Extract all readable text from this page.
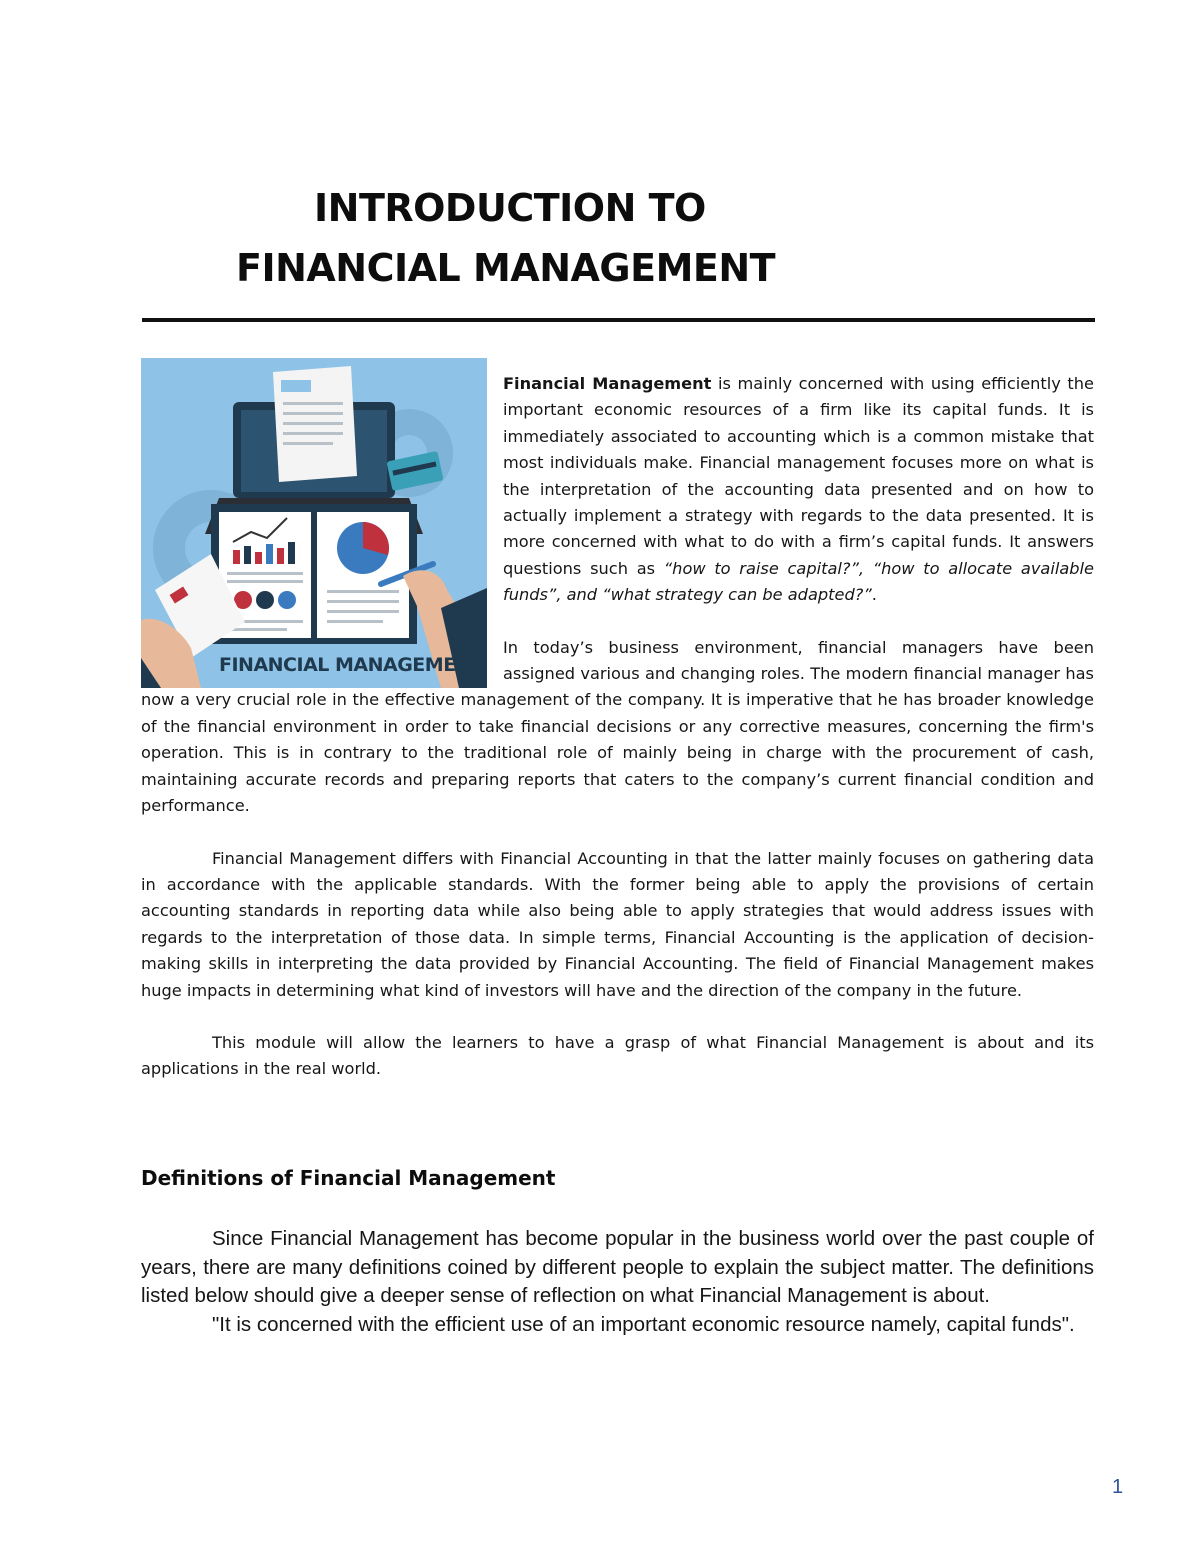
INTRODUCTION TO
FINANCIAL MANAGEMENT
FINANCIAL MANAGEMENT

Financial Management is mainly concerned with using efficiently the important economic resources of a firm like its capital funds. It is immediately associated to accounting which is a common mistake that most individuals make. Financial management focuses more on what is the interpretation of the accounting data presented and on how to actually implement a strategy with regards to the data presented. It is more concerned with what to do with a firm’s capital funds. It answers questions such as “how to raise capital?”, “how to allocate available funds”, and “what strategy can be adapted?”.

In today’s business environment, financial managers have been assigned various and changing roles. The modern financial manager has now a very crucial role in the effective management of the company. It is imperative that he has broader knowledge of the financial environment in order to take financial decisions or any corrective measures, concerning the firm's operation. This is in contrary to the traditional role of mainly being in charge with the procurement of cash, maintaining accurate records and preparing reports that caters to the company’s current financial condition and performance.

Financial Management differs with Financial Accounting in that the latter mainly focuses on gathering data in accordance with the applicable standards. With the former being able to apply the provisions of certain accounting standards in reporting data while also being able to apply strategies that would address issues with regards to the interpretation of those data. In simple terms, Financial Accounting is the application of decision-making skills in interpreting the data provided by Financial Accounting. The field of Financial Management makes huge impacts in determining what kind of investors will have and the direction of the company in the future.

This module will allow the learners to have a grasp of what Financial Management is about and its applications in the real world.

Definitions of Financial Management

Since Financial Management has become popular in the business world over the past couple of years, there are many definitions coined by different people to explain the subject matter. The definitions listed below should give a deeper sense of reflection on what Financial Management is about.

"It is concerned with the efficient use of an important economic resource namely, capital funds".

1
